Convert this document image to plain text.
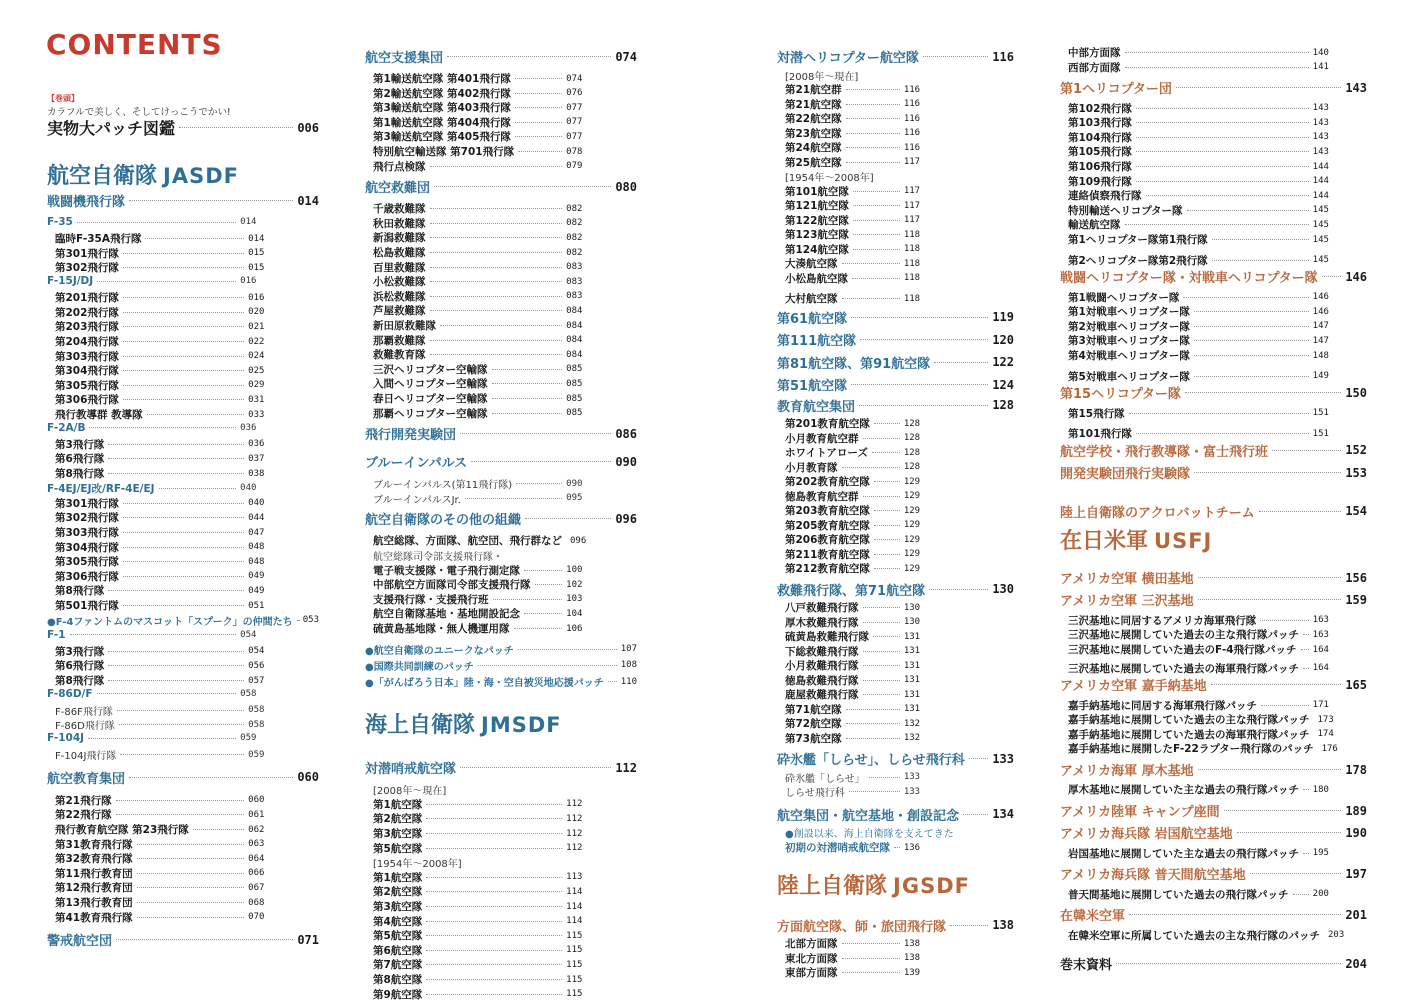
CONTENTS
【巻頭】
カラフルで美しく、そしてけっこうでかい!
実物大パッチ図鑑	006
航空自衛隊 JASDF
戦闘機飛行隊	014
F-35	014
臨時F-35A飛行隊	014
第301飛行隊	015
第302飛行隊	015
F-15J/DJ	016
第201飛行隊	016
第202飛行隊	020
第203飛行隊	021
第204飛行隊	022
第303飛行隊	024
第304飛行隊	025
第305飛行隊	029
第306飛行隊	031
飛行教導群 教導隊	033
F-2A/B	036
第3飛行隊	036
第6飛行隊	037
第8飛行隊	038
F-4EJ/EJ改/RF-4E/EJ	040
第301飛行隊	040
第302飛行隊	044
第303飛行隊	047
第304飛行隊	048
第305飛行隊	048
第306飛行隊	049
第8飛行隊	049
第501飛行隊	051
●F-4ファントムのマスコット「スプーク」の仲間たち 053
F-1	054
第3飛行隊	054
第6飛行隊	056
第8飛行隊	057
F-86D/F	058
F-86F飛行隊	058
F-86D飛行隊	058
F-104J	059
F-104J飛行隊	059
航空教育集団	060
第21飛行隊	060
第22飛行隊	061
飛行教育航空隊 第23飛行隊	062
第31教育飛行隊	063
第32教育飛行隊	064
第11飛行教育団	066
第12飛行教育団	067
第13飛行教育団	068
第41教育飛行隊	070
警戒航空団	071
航空支援集団	074
第1輸送航空隊 第401飛行隊	074
第2輸送航空隊 第402飛行隊	076
第3輸送航空隊 第403飛行隊	077
第1輸送航空隊 第404飛行隊	077
第3輸送航空隊 第405飛行隊	077
特別航空輸送隊 第701飛行隊	078
飛行点検隊	079
航空救難団	080
千歳救難隊	082
秋田救難隊	082
新潟救難隊	082
松島救難隊	082
百里救難隊	083
小松救難隊	083
浜松救難隊	083
芦屋救難隊	084
新田原救難隊	084
那覇救難隊	084
救難教育隊	084
三沢ヘリコプター空輸隊	085
入間ヘリコプター空輸隊	085
春日ヘリコプター空輸隊	085
那覇ヘリコプター空輸隊	085
飛行開発実験団	086
ブルーインパルス	090
ブルーインパルス(第11飛行隊)	090
ブルーインパルスJr.	095
航空自衛隊のその他の組織	096
航空総隊、方面隊、航空団、飛行群など 096
航空総隊司令部支援飛行隊・
電子戦支援隊・電子飛行測定隊	100
中部航空方面隊司令部支援飛行隊	102
支援飛行隊・支援飛行班	103
航空自衛隊基地・基地開設記念	104
硫黄島基地隊・無人機運用隊	106
●航空自衛隊のユニークなパッチ	107
●国際共同訓練のパッチ	108
●「がんばろう日本」陸・海・空自被災地応援パッチ 110
海上自衛隊 JMSDF
対潜哨戒航空隊	112
[2008年〜現在]
第1航空隊	112
第2航空隊	112
第3航空隊	112
第5航空隊	112
[1954年〜2008年]
第1航空隊	113
第2航空隊	114
第3航空隊	114
第4航空隊	114
第5航空隊	115
第6航空隊	115
第7航空隊	115
第8航空隊	115
第9航空隊	115
対潜ヘリコプター航空隊	116
[2008年〜現在]
第21航空群	116
第21航空隊	116
第22航空隊	116
第23航空隊	116
第24航空隊	116
第25航空隊	117
[1954年〜2008年]
第101航空隊	117
第121航空隊	117
第122航空隊	117
第123航空隊	118
第124航空隊	118
大湊航空隊	118
小松島航空隊	118
大村航空隊	118
第61航空隊	119
第111航空隊	120
第81航空隊、第91航空隊	122
第51航空隊	124
教育航空集団	128
第201教育航空隊	128
小月教育航空群	128
ホワイトアローズ	128
小月教育隊	128
第202教育航空隊	129
徳島教育航空群	129
第203教育航空隊	129
第205教育航空隊	129
第206教育航空隊	129
第211教育航空隊	129
第212教育航空隊	129
救難飛行隊、第71航空隊	130
八戸救難飛行隊	130
厚木救難飛行隊	130
硫黄島救難飛行隊	131
下総救難飛行隊	131
小月救難飛行隊	131
徳島救難飛行隊	131
鹿屋救難飛行隊	131
第71航空隊	131
第72航空隊	132
第73航空隊	132
砕氷艦「しらせ」、しらせ飛行科 133
砕氷艦「しらせ」	133
しらせ飛行科	133
航空集団・航空基地・創設記念	134
●創設以来、海上自衛隊を支えてきた
初期の対潜哨戒航空隊 136
陸上自衛隊 JGSDF
方面航空隊、師・旅団飛行隊	138
北部方面隊	138
東北方面隊	138
東部方面隊	139
中部方面隊	140
西部方面隊	141
第1ヘリコプター団	143
第102飛行隊	143
第103飛行隊	143
第104飛行隊	143
第105飛行隊	143
第106飛行隊	144
第109飛行隊	144
連絡偵察飛行隊	144
特別輸送ヘリコプター隊	145
輸送航空隊	145
第1ヘリコプター隊第1飛行隊	145
第2ヘリコプター隊第2飛行隊	145
戦闘ヘリコプター隊・対戦車ヘリコプター隊 146
第1戦闘ヘリコプター隊	146
第1対戦車ヘリコプター隊	146
第2対戦車ヘリコプター隊	147
第3対戦車ヘリコプター隊	147
第4対戦車ヘリコプター隊	148
第5対戦車ヘリコプター隊	149
第15ヘリコプター隊	150
第15飛行隊	151
第101飛行隊	151
航空学校・飛行教導隊・富士飛行班	152
開発実験団飛行実験隊	153
陸上自衛隊のアクロバットチーム	154
在日米軍 USFJ
アメリカ空軍 横田基地	156
アメリカ空軍 三沢基地	159
三沢基地に同居するアメリカ海軍飛行隊	163
三沢基地に展開していた過去の主な飛行隊パッチ 163
三沢基地に展開していた過去のF-4飛行隊パッチ 164
三沢基地に展開していた過去の海軍飛行隊パッチ 164
アメリカ空軍 嘉手納基地	165
嘉手納基地に同居する海軍飛行隊パッチ	171
嘉手納基地に展開していた過去の主な飛行隊パッチ 173
嘉手納基地に展開していた過去の海軍飛行隊パッチ 174
嘉手納基地に展開したF-22ラプター飛行隊のパッチ 176
アメリカ海軍 厚木基地	178
厚木基地に展開していた主な過去の飛行隊パッチ 180
アメリカ陸軍 キャンプ座間	189
アメリカ海兵隊 岩国航空基地	190
岩国基地に展開していた主な過去の飛行隊パッチ 195
アメリカ海兵隊 普天間航空基地	197
普天間基地に展開していた過去の飛行隊パッチ	200
在韓米空軍	201
在韓米空軍に所属していた過去の主な飛行隊のパッチ 203
巻末資料	204
